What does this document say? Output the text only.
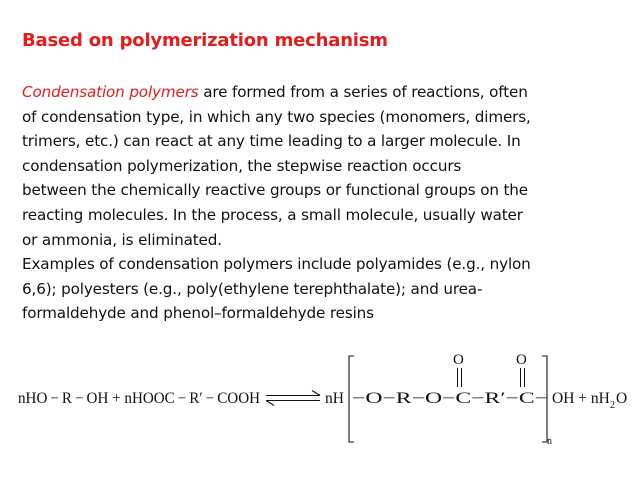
Based on polymerization mechanism
Condensation polymers are formed from a series of reactions, often
of condensation type, in which any two species (monomers, dimers,
trimers, etc.) can react at any time leading to a larger molecule. In
condensation polymerization, the stepwise reaction occurs
between the chemically reactive groups or functional groups on the
reacting molecules. In the process, a small molecule, usually water
or ammonia, is eliminated.
Examples of condensation polymers include polyamides (e.g., nylon
6,6); polyesters (e.g., poly(ethylene terephthalate); and urea-
formaldehyde and phenol–formaldehyde resins
nHO − R − OH + nHOOC − R′ − COOH	nH −O−R−O−C−R′−C−
O	O
n
OH + nH 2 O
